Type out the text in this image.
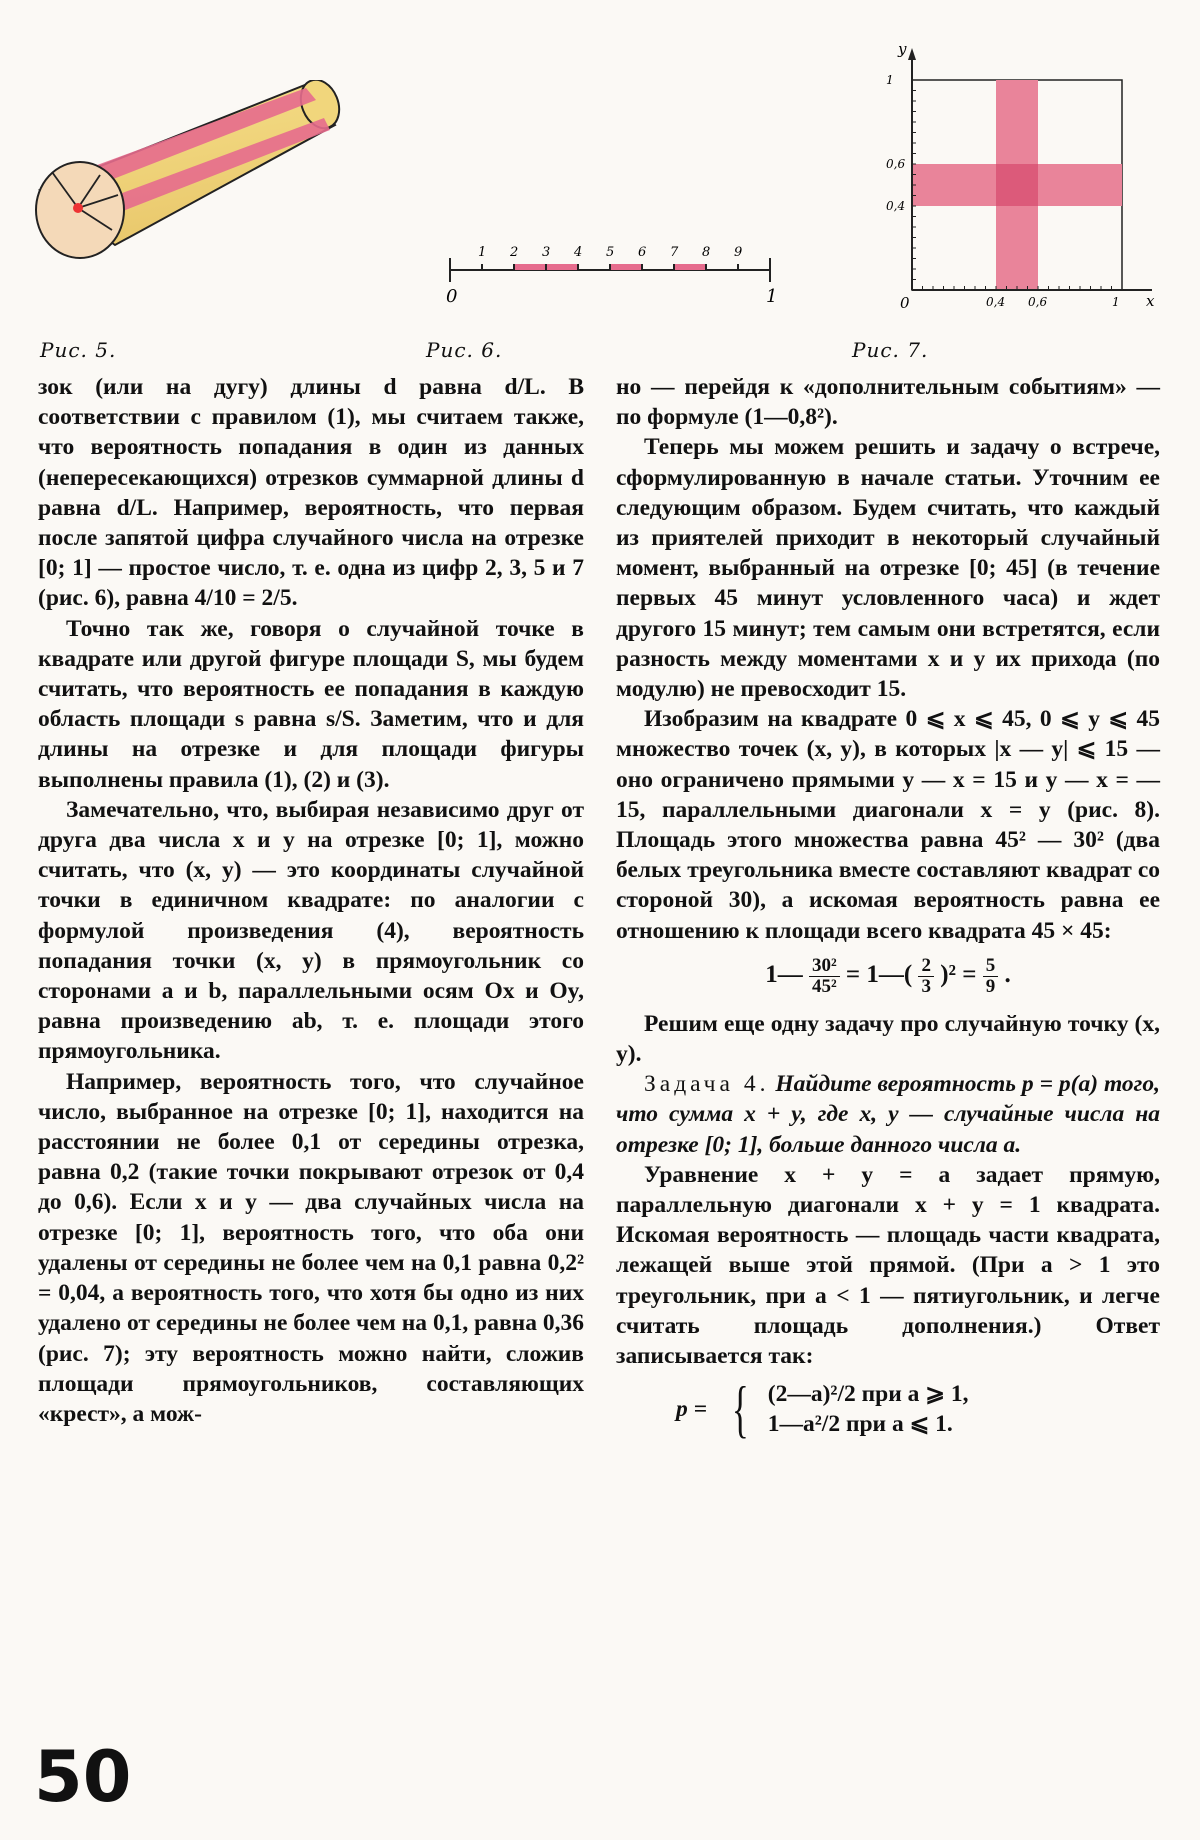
Рис. 5.
1 2 3 4 5 6 7 8 9
0	1
Рис. 6.
y
x
0
0,4
0,6
1
0,4 0,6	1
Рис. 7.

зок (или на дугу) длины d равна d/L. В соответствии с правилом (1), мы считаем также, что вероятность попадания в один из данных (непересекающихся) отрезков суммарной длины d равна d/L. Например, вероятность, что первая после запятой цифра случайного числа на отрезке [0; 1] — простое число, т. е. одна из цифр 2, 3, 5 и 7 (рис. 6), равна 4/10 = 2/5.

Точно так же, говоря о случайной точке в квадрате или другой фигуре площади S, мы будем считать, что вероятность ее попадания в каждую область площади s равна s/S. Заметим, что и для длины на отрезке и для площади фигуры выполнены правила (1), (2) и (3).

Замечательно, что, выбирая независимо друг от друга два числа x и y на отрезке [0; 1], можно считать, что (x, y) — это координаты случайной точки в единичном квадрате: по аналогии с формулой произведения (4), вероятность попадания точки (x, y) в прямоугольник со сторонами a и b, параллельными осям Ox и Oy, равна произведению ab, т. е. площади этого прямоугольника.

Например, вероятность того, что случайное число, выбранное на отрезке [0; 1], находится на расстоянии не более 0,1 от середины отрезка, равна 0,2 (такие точки покрывают отрезок от 0,4 до 0,6). Если x и y — два случайных числа на отрезке [0; 1], вероятность того, что оба они удалены от середины не более чем на 0,1 равна 0,2² = 0,04, а вероятность того, что хотя бы одно из них удалено от середины не более чем на 0,1, равна 0,36 (рис. 7); эту вероятность можно найти, сложив площади прямоугольников, составляющих «крест», а мож-

но — перейдя к «дополнительным событиям» — по формуле (1—0,8²).

Теперь мы можем решить и задачу о встрече, сформулированную в начале статьи. Уточним ее следующим образом. Будем считать, что каждый из приятелей приходит в некоторый случайный момент, выбранный на отрезке [0; 45] (в течение первых 45 минут условленного часа) и ждет другого 15 минут; тем самым они встретятся, если разность между моментами x и y их прихода (по модулю) не превосходит 15.

Изобразим на квадрате 0 ⩽ x ⩽ 45, 0 ⩽ y ⩽ 45 множество точек (x, y), в которых |x — y| ⩽ 15 — оно ограничено прямыми y — x = 15 и y — x = —15, параллельными диагонали x = y (рис. 8). Площадь этого множества равна 45² — 30² (два белых треугольника вместе составляют квадрат со стороной 30), а искомая вероятность равна ее отношению к площади всего квадрата 45 × 45:

1— $\frac{\text{30²}}{\text{45²}}$ = 1—( $\frac{2}{3} )^2 = \frac{5}{9}$ .

Решим еще одну задачу про случайную точку (x, y).

Задача 4. Найдите вероятность p = p(a) того, что сумма x + y, где x, y — случайные числа на отрезке [0; 1], больше данного числа a.

Уравнение x + y = a задает прямую, параллельную диагонали x + y = 1 квадрата. Искомая вероятность — площадь части квадрата, лежащей выше этой прямой. (При a > 1 это треугольник, при a < 1 — пятиугольник, и легче считать площадь дополнения.) Ответ записывается так:

p = { (2—a)²/2 при a ⩾ 1,
1—a²/2 при a ⩽ 1.
50
